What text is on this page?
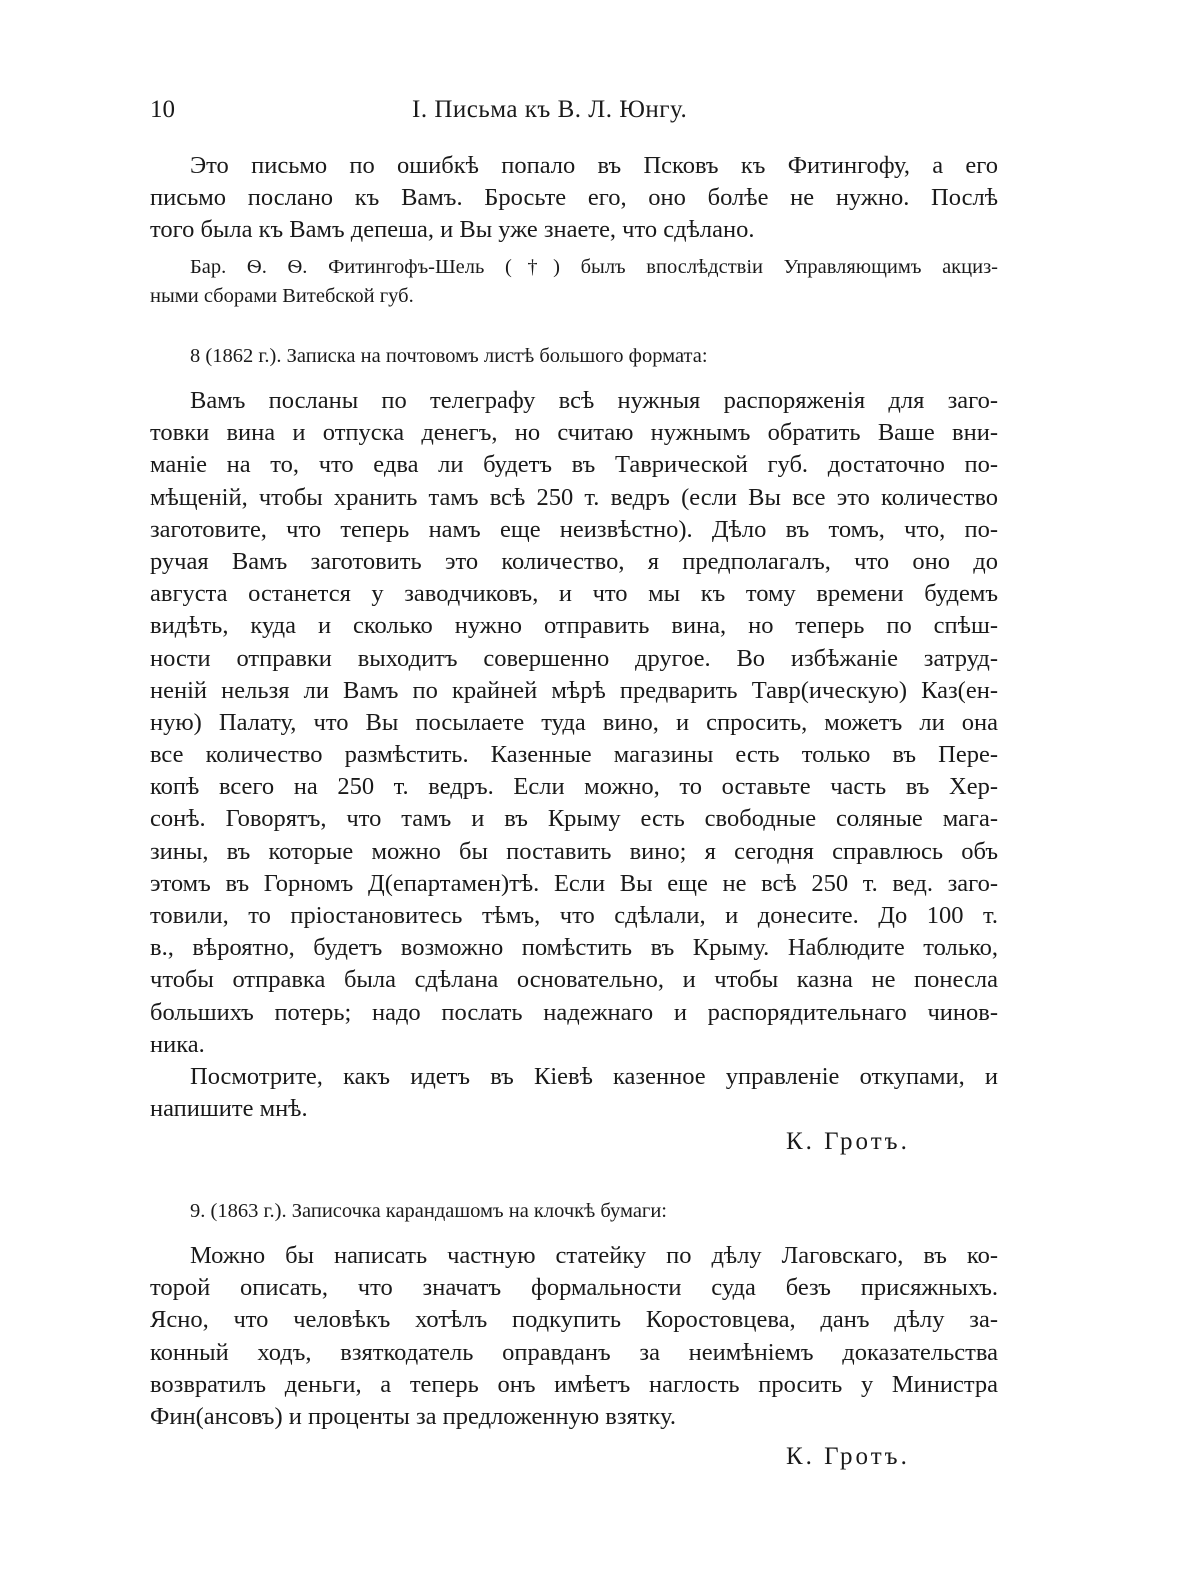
10	I. Письма къ В. Л. Юнгу.
Это письмо по ошибкѣ попало въ Псковъ къ Фитингофу, а его
письмо послано къ Вамъ. Бросьте его, оно болѣе не нужно. Послѣ
того была къ Вамъ депеша, и Вы уже знаете, что сдѣлано.
Бар. Ѳ. Ѳ. Фитингофъ-Шель (†) былъ впослѣдствіи Управляющимъ акциз-
ными сборами Витебской губ.
8 (1862 г.). Записка на почтовомъ листѣ большого формата:
Вамъ посланы по телеграфу всѣ нужныя распоряженія для заго-
товки вина и отпуска денегъ, но считаю нужнымъ обратить Ваше вни-
маніе на то, что едва ли будетъ въ Таврической губ. достаточно по-
мѣщеній, чтобы хранить тамъ всѣ 250 т. ведръ (если Вы все это количество
заготовите, что теперь намъ еще неизвѣстно). Дѣло въ томъ, что, по-
ручая Вамъ заготовить это количество, я предполагалъ, что оно до
августа останется у заводчиковъ, и что мы къ тому времени будемъ
видѣть, куда и сколько нужно отправить вина, но теперь по спѣш-
ности отправки выходитъ совершенно другое. Во избѣжаніе затруд-
неній нельзя ли Вамъ по крайней мѣрѣ предварить Тавр(ическую) Каз(ен-
ную) Палату, что Вы посылаете туда вино, и спросить, можетъ ли она
все количество размѣстить. Казенные магазины есть только въ Пере-
копѣ всего на 250 т. ведръ. Если можно, то оставьте часть въ Хер-
сонѣ. Говорятъ, что тамъ и въ Крыму есть свободные соляные мага-
зины, въ которые можно бы поставить вино; я сегодня справлюсь объ
этомъ въ Горномъ Д(епартамен)тѣ. Если Вы еще не всѣ 250 т. вед. заго-
товили, то пріостановитесь тѣмъ, что сдѣлали, и донесите. До 100 т.
в., вѣроятно, будетъ возможно помѣстить въ Крыму. Наблюдите только,
чтобы отправка была сдѣлана основательно, и чтобы казна не понесла
большихъ потерь; надо послать надежнаго и распорядительнаго чинов-
ника.
Посмотрите, какъ идетъ въ Кіевѣ казенное управленіе откупами, и
напишите мнѣ.
К. Гротъ.
9. (1863 г.). Записочка карандашомъ на клочкѣ бумаги:
Можно бы написать частную статейку по дѣлу Лаговскаго, въ ко-
торой описать, что значатъ формальности суда безъ присяжныхъ.
Ясно, что человѣкъ хотѣлъ подкупить Коростовцева, данъ дѣлу за-
конный ходъ, взяткодатель оправданъ за неимѣніемъ доказательства
возвратилъ деньги, а теперь онъ имѣетъ наглость просить у Министра
Фин(ансовъ) и проценты за предложенную взятку.
К. Гротъ.
